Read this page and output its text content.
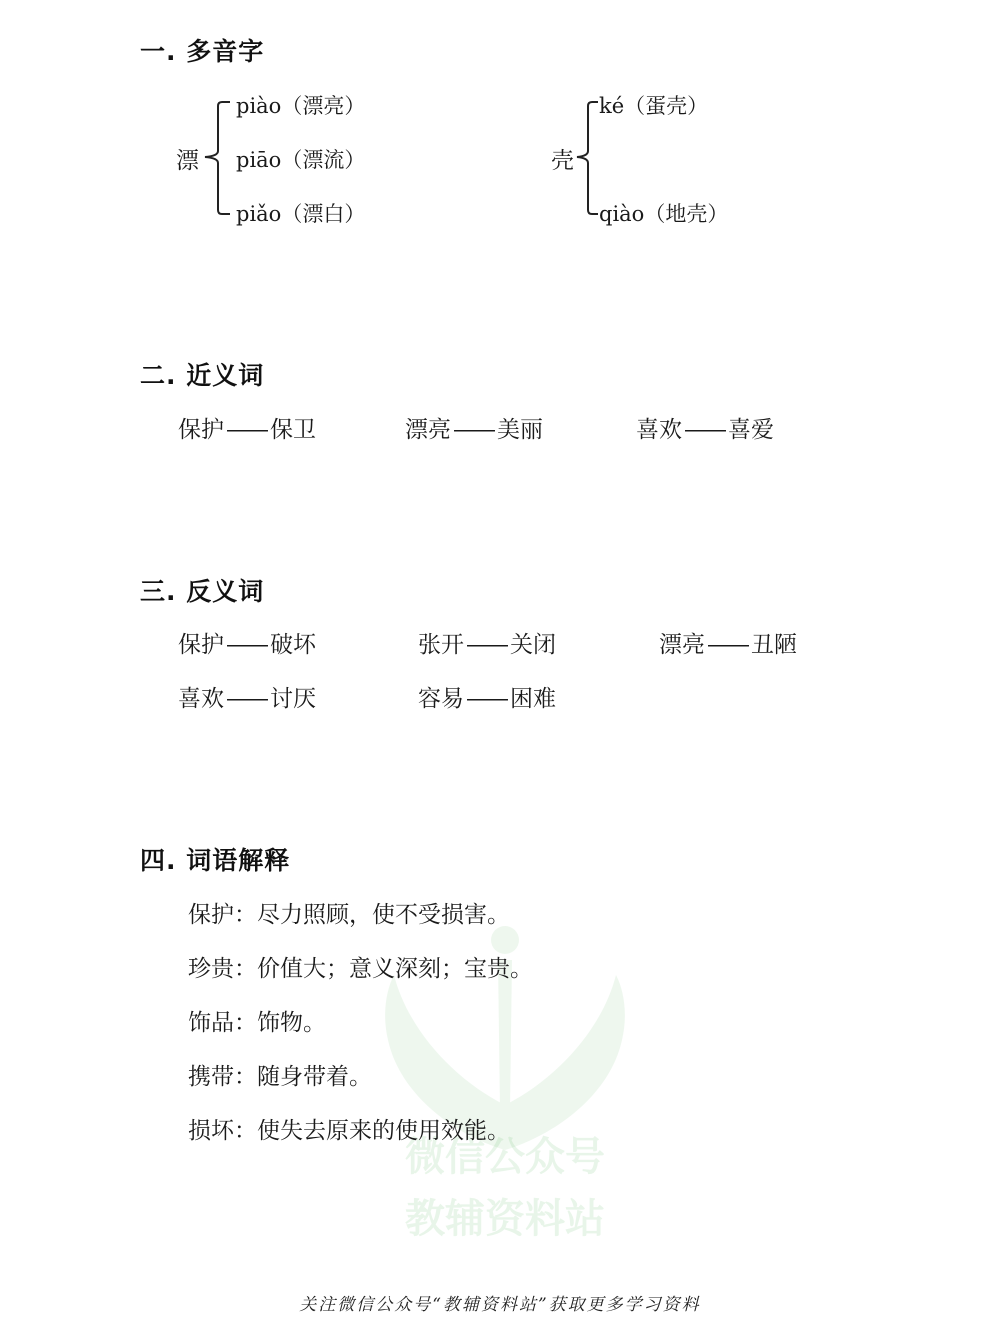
微信公众号
教辅资料站
一. 多音字
漂
piào（漂亮）
piāo（漂流）
piǎo（漂白）
壳
ké（蛋壳）
qiào（地壳）
二. 近义词
保护—— 保卫	漂亮—— 美丽	喜欢—— 喜爱
三. 反义词
保护—— 破坏	张开—— 关闭	漂亮—— 丑陋
喜欢—— 讨厌	容易—— 困难
四. 词语解释
保护：尽力照顾，使不受损害。
珍贵：价值大；意义深刻；宝贵。
饰品：饰物。
携带：随身带着。
损坏：使失去原来的使用效能。
关注微信公众号“教辅资料站”获取更多学习资料
